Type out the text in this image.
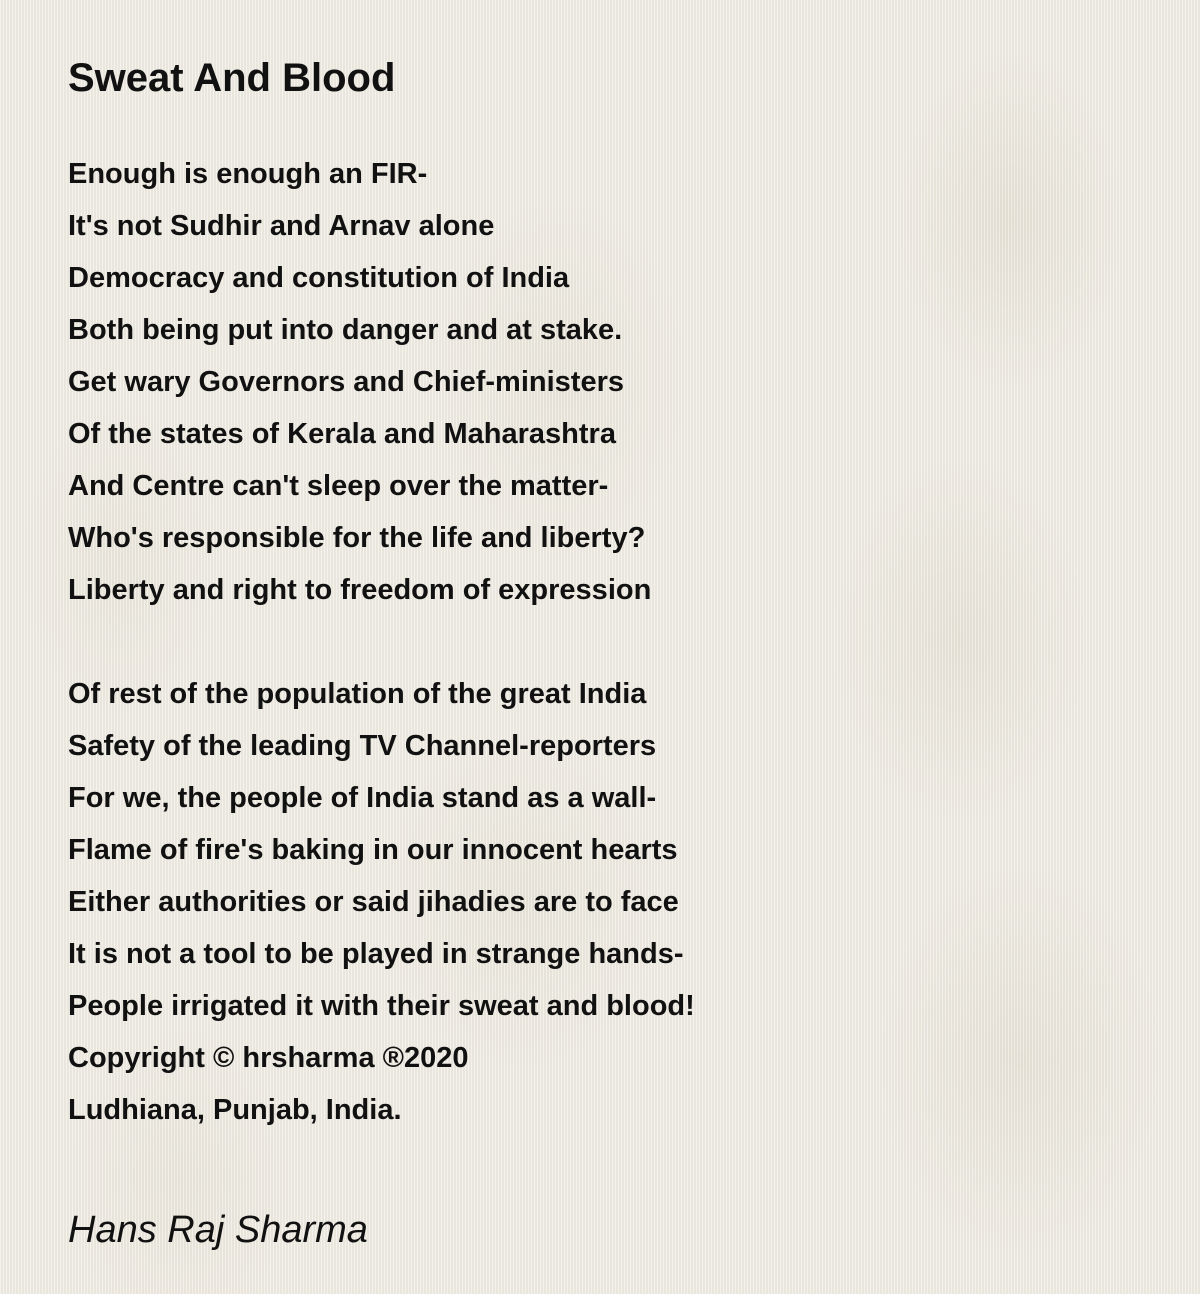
Sweat And Blood
Enough is enough an FIR-
It's not Sudhir and Arnav alone
Democracy and constitution of India
Both being put into danger and at stake.
Get wary Governors and Chief-ministers
Of the states of Kerala and Maharashtra
And Centre can't sleep over the matter-
Who's responsible for the life and liberty?
Liberty and right to freedom of expression
Of rest of the population of the great India
Safety of the leading TV Channel-reporters
For we, the people of India stand as a wall-
Flame of fire's baking in our innocent hearts
Either authorities or said jihadies are to face
It is not a tool to be played in strange hands-
People irrigated it with their sweat and blood!
Copyright © hrsharma ®2020
Ludhiana, Punjab, India.
Hans Raj Sharma
